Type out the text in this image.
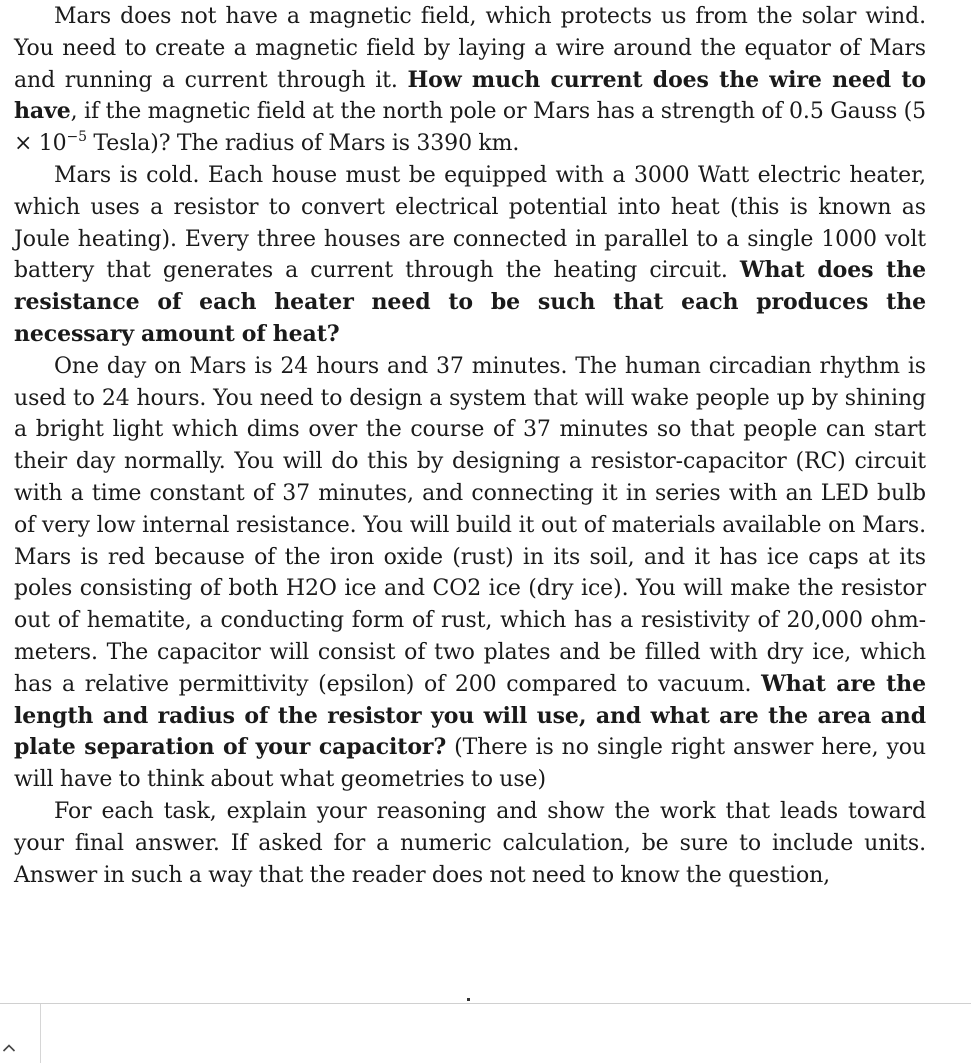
Mars does not have a magnetic field, which protects us from the solar wind. You need to create a magnetic field by laying a wire around the equator of Mars and running a current through it. How much current does the wire need to have, if the magnetic field at the north pole or Mars has a strength of 0.5 Gauss ($5 \times 10^{-5}$ Tesla)? The radius of Mars is 3390 km.

Mars is cold. Each house must be equipped with a 3000 Watt electric heater, which uses a resistor to convert electrical potential into heat (this is known as Joule heating). Every three houses are connected in parallel to a single 1000 volt battery that generates a current through the heating circuit. What does the resistance of each heater need to be such that each produces the necessary amount of heat?

One day on Mars is 24 hours and 37 minutes. The human circadian rhythm is used to 24 hours. You need to design a system that will wake people up by shining a bright light which dims over the course of 37 minutes so that people can start their day normally. You will do this by designing a resistor-capacitor (RC) circuit with a time constant of 37 minutes, and connecting it in series with an LED bulb of very low internal resistance. You will build it out of materials available on Mars. Mars is red because of the iron oxide (rust) in its soil, and it has ice caps at its poles consisting of both H2O ice and CO2 ice (dry ice). You will make the resistor out of hematite, a conducting form of rust, which has a resistivity of 20,000 ohm-meters. The capacitor will consist of two plates and be filled with dry ice, which has a relative permittivity (epsilon) of 200 compared to vacuum. What are the length and radius of the resistor you will use, and what are the area and plate separation of your capacitor? (There is no single right answer here, you will have to think about what geometries to use)

For each task, explain your reasoning and show the work that leads toward your final answer. If asked for a numeric calculation, be sure to include units. Answer in such a way that the reader does not need to know the question,
